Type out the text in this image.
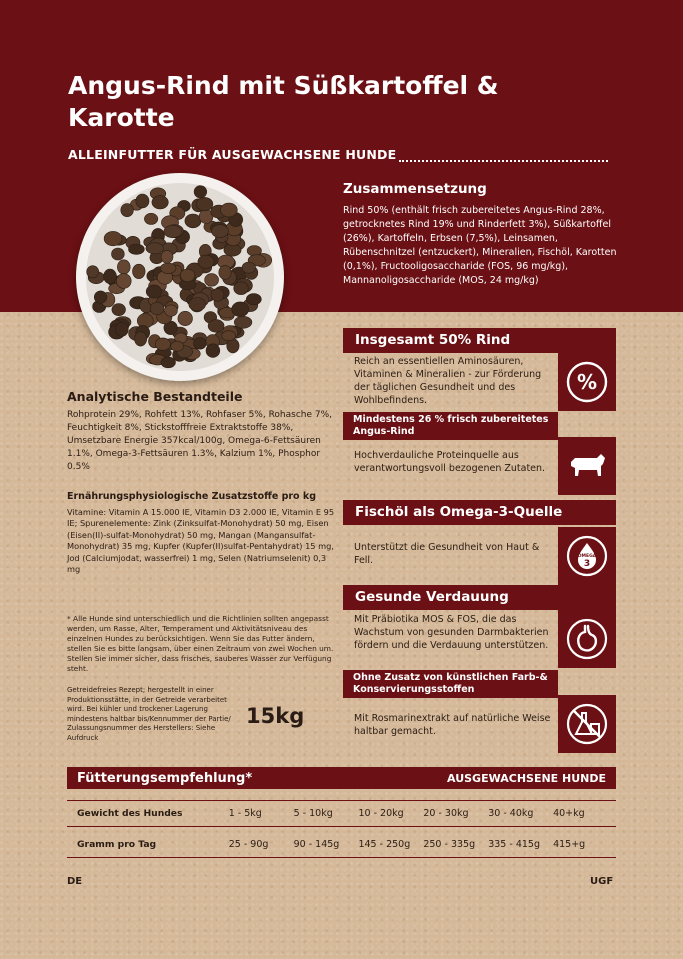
Angus-Rind mit Süßkartoffel & Karotte
ALLEINFUTTER FÜR AUSGEWACHSENE HUNDE
Zusammensetzung
Rind 50% (enthält frisch zubereitetes Angus-Rind 28%, getrocknetes Rind 19% und Rinderfett 3%), Süßkartoffel (26%), Kartoffeln, Erbsen (7,5%), Leinsamen, Rübenschnitzel (entzuckert), Mineralien, Fischöl, Karotten (0,1%), Fructooligosaccharide (FOS, 96 mg/kg), Mannanoligosaccharide (MOS, 24 mg/kg)
Insgesamt 50% Rind
Reich an essentiellen Aminosäuren, Vitaminen & Mineralien - zur Förderung der täglichen Gesundheit und des Wohlbefindens.
%
Mindestens 26 % frisch zubereitetes Angus-Rind
Hochverdauliche Proteinquelle aus verantwortungsvoll bezogenen Zutaten.
Fischöl als Omega-3-Quelle
Unterstützt die Gesundheit von Haut & Fell.	OMEGA
3
Gesunde Verdauung
Mit Präbiotika MOS & FOS, die das Wachstum von gesunden Darmbakterien fördern und die Verdauung unterstützen.
Ohne Zusatz von künstlichen Farb-& Konservierungsstoffen
Mit Rosmarinextrakt auf natürliche Weise haltbar gemacht.
Analytische Bestandteile
Rohprotein 29%, Rohfett 13%, Rohfaser 5%, Rohasche 7%, Feuchtigkeit 8%, Stickstofffreie Extraktstoffe 38%, Umsetzbare Energie 357kcal/100g, Omega-6-Fettsäuren 1.1%, Omega-3-Fettsäuren 1.3%, Kalzium 1%, Phosphor 0.5%
Ernährungsphysiologische Zusatzstoffe pro kg
Vitamine: Vitamin A 15.000 IE, Vitamin D3 2.000 IE, Vitamin E 95 IE; Spurenelemente: Zink (Zinksulfat-Monohydrat) 50 mg, Eisen (Eisen(II)-sulfat-Monohydrat) 50 mg, Mangan (Mangansulfat-Monohydrat) 35 mg, Kupfer (Kupfer(II)sulfat-Pentahydrat) 15 mg, Jod (Calciumjodat, wasserfrei) 1 mg, Selen (Natriumselenit) 0,3 mg
* Alle Hunde sind unterschiedlich und die Richtlinien sollten angepasst werden, um Rasse, Alter, Temperament und Aktivitätsniveau des einzelnen Hundes zu berücksichtigen. Wenn Sie das Futter ändern, stellen Sie es bitte langsam, über einen Zeitraum von zwei Wochen um. Stellen Sie immer sicher, dass frisches, sauberes Wasser zur Verfügung steht.
Getreidefreies Rezept; hergestellt in einer Produktionsstätte, in der Getreide verarbeitet wird. Bei kühler und trockener Lagerung mindestens haltbar bis/Kennummer der Partie/ Zulassungsnummer des Herstellers: Siehe Aufdruck
15kg
Fütterungsempfehlung*	AUSGEWACHSENE HUNDE
Gewicht des Hundes	1 - 5kg	5 - 10kg	10 - 20kg	20 - 30kg	30 - 40kg	40+kg
Gramm pro Tag	25 - 90g	90 - 145g	145 - 250g	250 - 335g	335 - 415g	415+g
DE	UGF
